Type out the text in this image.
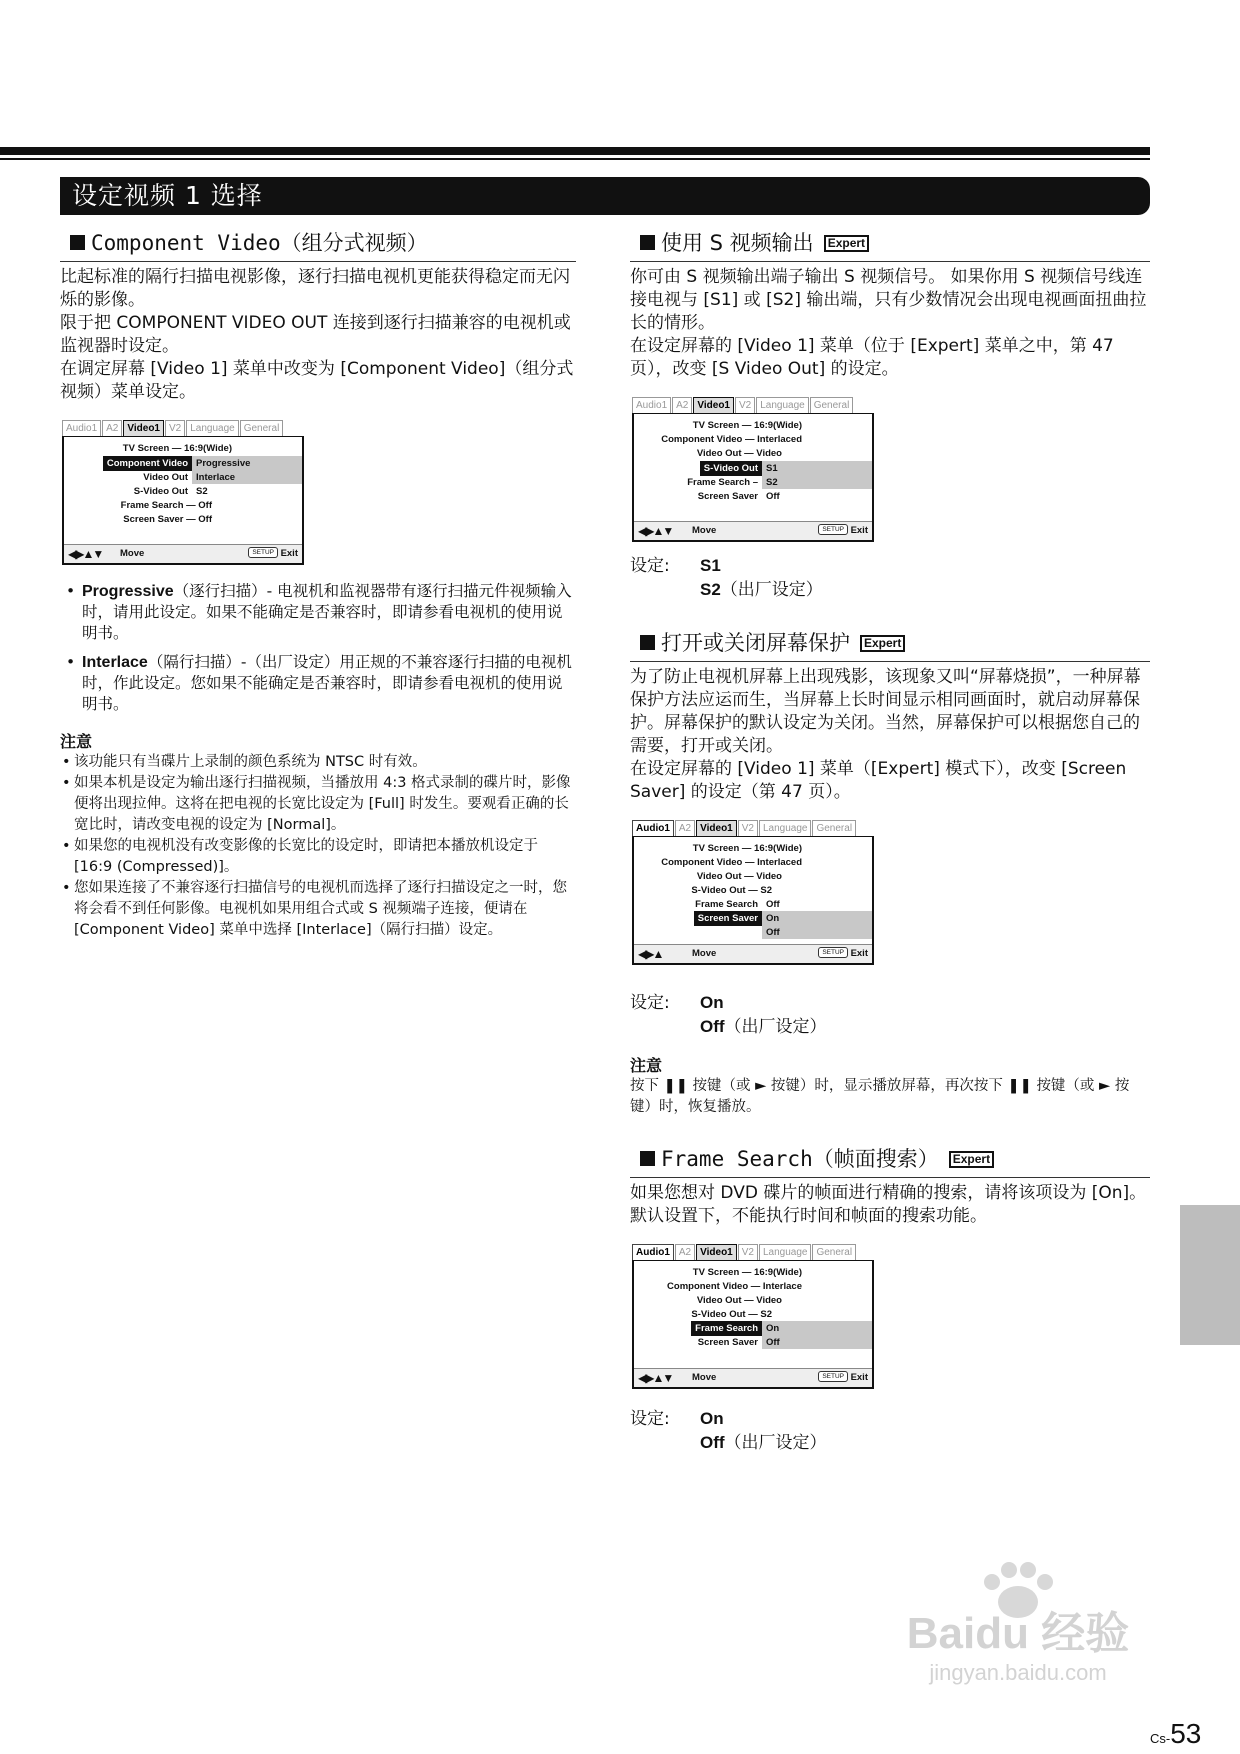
设定视频 1 选择
Component Video（组分式视频）

比起标准的隔行扫描电视影像，逐行扫描电视机更能获得稳定而无闪烁的影像。

限于把 COMPONENT VIDEO OUT 连接到逐行扫描兼容的电视机或监视器时设定。

在调定屏幕 [Video 1] 菜单中改变为 [Component Video]（组分式视频）菜单设定。

Audio1 A2 Video1 V2 Language General
TV Screen — 16:9(Wide)
Component Video Progressive
Video Out Interlace
S-Video Out S2
Frame Search — Off
Screen Saver — Off
◀▶▲▼ Move	SETUP Exit
• Progressive（逐行扫描）- 电视机和监视器带有逐行扫描元件视频输入时，请用此设定。如果不能确定是否兼容时，即请参看电视机的使用说明书。
• Interlace（隔行扫描）-（出厂设定）用正规的不兼容逐行扫描的电视机时，作此设定。您如果不能确定是否兼容时，即请参看电视机的使用说明书。
注意
• 该功能只有当碟片上录制的颜色系统为 NTSC 时有效。
• 如果本机是设定为输出逐行扫描视频，当播放用 4:3 格式录制的碟片时，影像便将出现拉伸。这将在把电视的长宽比设定为 [Full] 时发生。要观看正确的长宽比时，请改变电视的设定为 [Normal]。
• 如果您的电视机没有改变影像的长宽比的设定时，即请把本播放机设定于 [16:9 (Compressed)]。
• 您如果连接了不兼容逐行扫描信号的电视机而选择了逐行扫描设定之一时，您将会看不到任何影像。电视机如果用组合式或 S 视频端子连接，便请在 [Component Video] 菜单中选择 [Interlace]（隔行扫描）设定。
使用 S 视频输出 Expert

你可由 S 视频输出端子输出 S 视频信号。 如果你用 S 视频信号线连接电视与 [S1] 或 [S2] 输出端，只有少数情况会出现电视画面扭曲拉长的情形。

在设定屏幕的 [Video 1] 菜单（位于 [Expert] 菜单之中，第 47 页），改变 [S Video Out] 的设定。

Audio1 A2 Video1 V2 Language General
TV Screen — 16:9(Wide)
Component Video — Interlaced
Video Out — Video
S-Video Out S1
Frame Search – S2
Screen Saver Off
◀▶▲▼ Move	SETUP Exit
设定: S1
S2（出厂设定）
打开或关闭屏幕保护 Expert

为了防止电视机屏幕上出现残影，该现象又叫“屏幕烧损”，一种屏幕保护方法应运而生，当屏幕上长时间显示相同画面时，就启动屏幕保护。屏幕保护的默认设定为关闭。当然，屏幕保护可以根据您自己的需要，打开或关闭。

在设定屏幕的 [Video 1] 菜单（[Expert] 模式下），改变 [Screen Saver] 的设定（第 47 页）。

Audio1 A2 Video1 V2 Language General
TV Screen — 16:9(Wide)
Component Video — Interlaced
Video Out — Video
S-Video Out — S2
Frame Search Off
Screen Saver On
Off
◀▶▲	Move	SETUP Exit
设定: On
Off（出厂设定）
注意
按下 ❚❚ 按键（或 ► 按键）时，显示播放屏幕，再次按下 ❚❚ 按键（或 ► 按键）时，恢复播放。
Frame Search（帧面搜索） Expert

如果您想对 DVD 碟片的帧面进行精确的搜索，请将该项设为 [On]。默认设置下，不能执行时间和帧面的搜索功能。

Audio1 A2 Video1 V2 Language General
TV Screen — 16:9(Wide)
Component Video — Interlace
Video Out — Video
S-Video Out — S2
Frame Search On
Screen Saver Off
◀▶▲▼ Move	SETUP Exit
设定: On
Off（出厂设定）
Baidu 经验
jingyan.baidu.com
Cs-53
